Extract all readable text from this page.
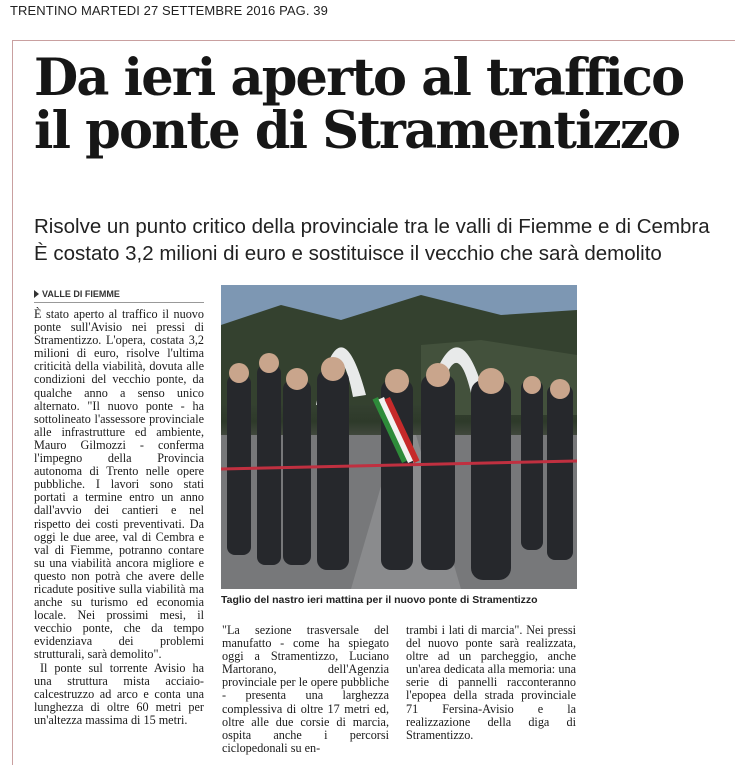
TRENTINO MARTEDI 27 SETTEMBRE 2016 PAG. 39
Da ieri aperto al traffico
il ponte di Stramentizzo
Risolve un punto critico della provinciale tra le valli di Fiemme e di Cembra
È costato 3,2 milioni di euro e sostituisce il vecchio che sarà demolito
VALLE DI FIEMME

È stato aperto al traffico il nuovo ponte sull'Avisio nei pressi di Stramentizzo. L'opera, costata 3,2 milioni di euro, risolve l'ultima criticità della viabilità, dovuta alle condizioni del vecchio ponte, da qualche anno a senso unico alternato. "Il nuovo ponte - ha sottolineato l'assessore provinciale alle infrastrutture ed ambiente, Mauro Gilmozzi - conferma l'impegno della Provincia autonoma di Trento nelle opere pubbliche. I lavori sono stati portati a termine entro un anno dall'avvio dei cantieri e nel rispetto dei costi preventivati. Da oggi le due aree, val di Cembra e val di Fiemme, potranno contare su una viabilità ancora migliore e questo non potrà che avere delle ricadute positive sulla viabilità ma anche su turismo ed economia locale. Nei prossimi mesi, il vecchio ponte, che da tempo evidenziava dei problemi strutturali, sarà demolito".

Il ponte sul torrente Avisio ha una struttura mista acciaio-calcestruzzo ad arco e conta una lunghezza di oltre 60 metri per un'altezza massima di 15 metri.

Taglio del nastro ieri mattina per il nuovo ponte di Stramentizzo

"La sezione trasversale del manufatto - come ha spiegato oggi a Stramentizzo, Luciano Martorano, dell'Agenzia provinciale per le opere pubbliche - presenta una larghezza complessiva di oltre 17 metri ed, oltre alle due corsie di marcia, ospita anche i percorsi ciclopedonali su en-

trambi i lati di marcia". Nei pressi del nuovo ponte sarà realizzata, oltre ad un parcheggio, anche un'area dedicata alla memoria: una serie di pannelli racconteranno l'epopea della strada provinciale 71 Fersina-Avisio e la realizzazione della diga di Stramentizzo.
